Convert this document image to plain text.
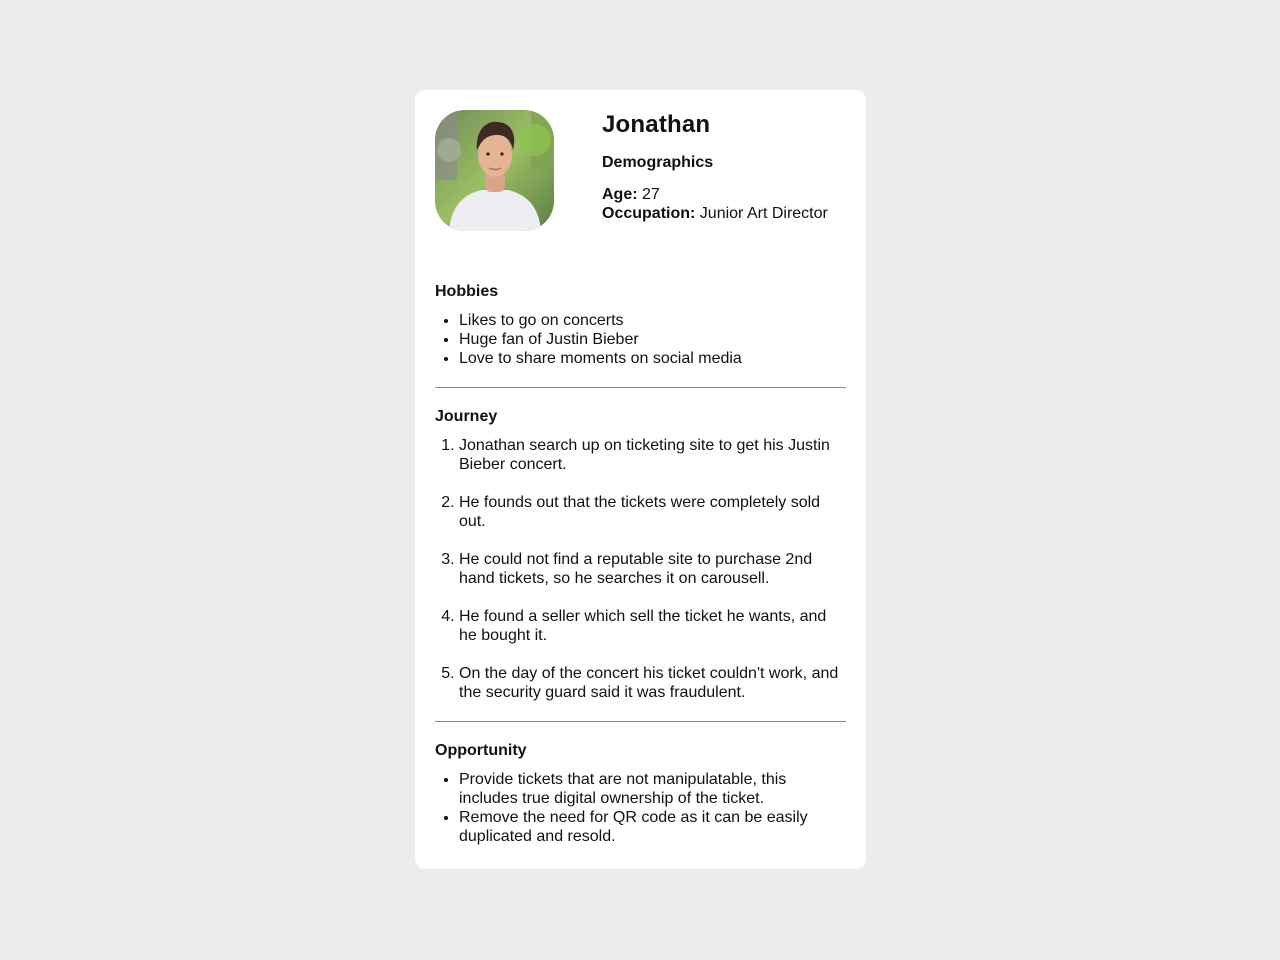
Jonathan
Demographics
Age: 27
Occupation: Junior Art Director
Hobbies
• Likes to go on concerts
• Huge fan of Justin Bieber
• Love to share moments on social media
Journey
1. Jonathan search up on ticketing site to get his Justin Bieber concert.
2. He founds out that the tickets were completely sold out.
3. He could not find a reputable site to purchase 2nd hand tickets, so he searches it on carousell.
4. He found a seller which sell the ticket he wants, and he bought it.
5. On the day of the concert his ticket couldn't work, and the security guard said it was fraudulent.
Opportunity
• Provide tickets that are not manipulatable, this includes true digital ownership of the ticket.
• Remove the need for QR code as it can be easily duplicated and resold.
